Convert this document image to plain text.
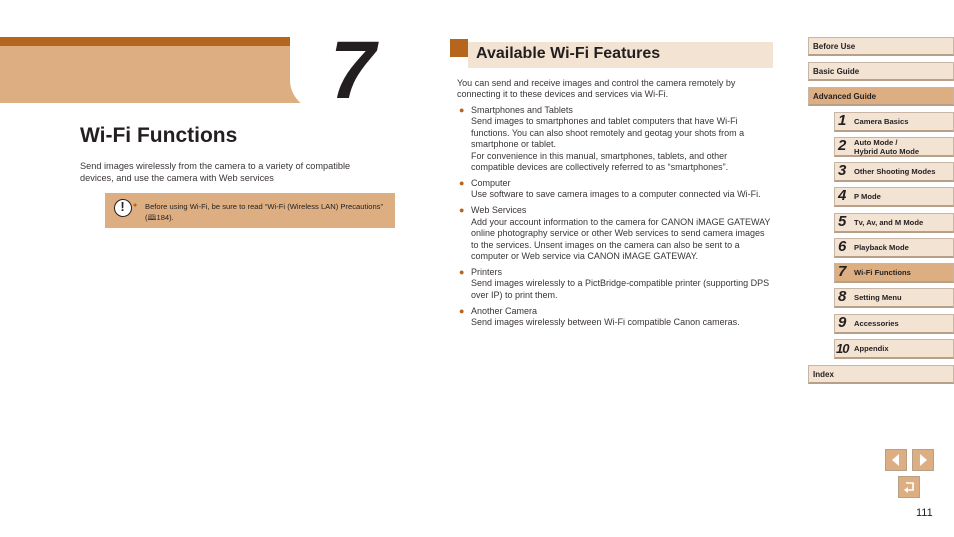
7
Wi-Fi Functions

Send images wirelessly from the camera to a variety of compatible devices, and use the camera with Web services

!	● Before using Wi-Fi, be sure to read “Wi-Fi (Wireless LAN) Precautions” (🕮184).

Available Wi-Fi Features

You can send and receive images and control the camera remotely by connecting it to these devices and services via Wi-Fi.

● Smartphones and Tablets
Send images to smartphones and tablet computers that have Wi-Fi functions. You can also shoot remotely and geotag your shots from a smartphone or tablet.
For convenience in this manual, smartphones, tablets, and other compatible devices are collectively referred to as “smartphones”.
● Computer
Use software to save camera images to a computer connected via Wi-Fi.
● Web Services
Add your account information to the camera for CANON iMAGE GATEWAY online photography service or other Web services to send camera images to the services. Unsent images on the camera can also be sent to a computer or Web service via CANON iMAGE GATEWAY.
● Printers
Send images wirelessly to a PictBridge-compatible printer (supporting DPS over IP) to print them.
● Another Camera
Send images wirelessly between Wi-Fi compatible Canon cameras.
Before Use
Basic Guide
Advanced Guide
1 Camera Basics
2 Auto Mode /
Hybrid Auto Mode
3 Other Shooting Modes
4 P Mode
5 Tv, Av, and M Mode
6 Playback Mode
7 Wi-Fi Functions
8 Setting Menu
9 Accessories
10 Appendix
Index
111
